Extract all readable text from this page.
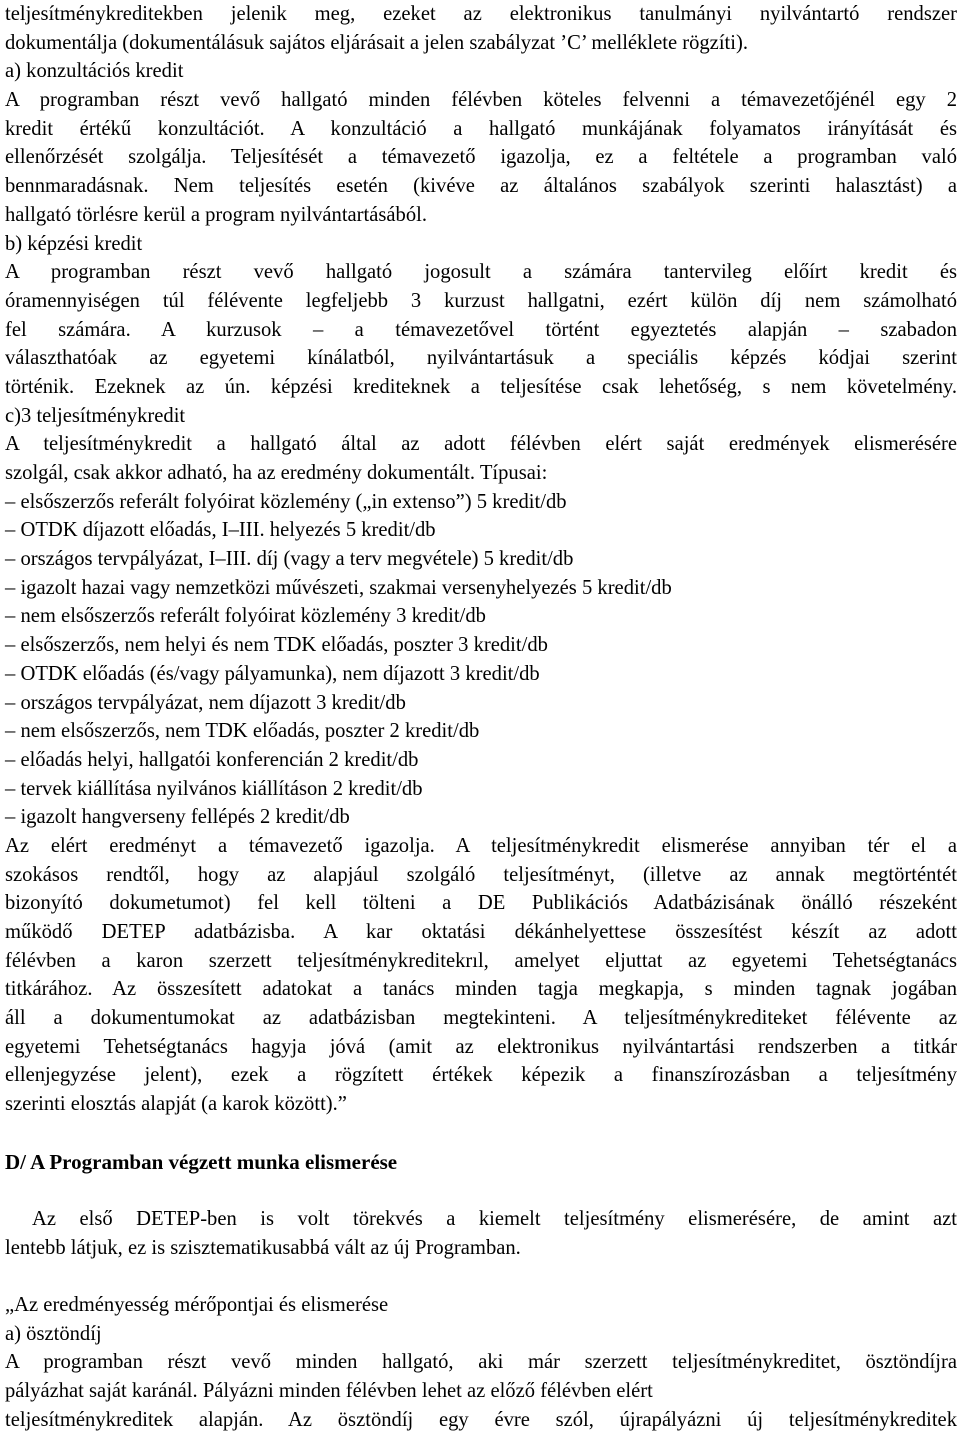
teljesítménykreditekben jelenik meg, ezeket az elektronikus tanulmányi nyilvántartó rendszer
dokumentálja (dokumentálásuk sajátos eljárásait a jelen szabályzat ’C’ melléklete rögzíti).
a) konzultációs kredit
A programban részt vevő hallgató minden félévben köteles felvenni a témavezetőjénél egy 2
kredit értékű konzultációt. A konzultáció a hallgató munkájának folyamatos irányítását és
ellenőrzését szolgálja. Teljesítését a témavezető igazolja, ez a feltétele a programban való
bennmaradásnak. Nem teljesítés esetén (kivéve az általános szabályok szerinti halasztást) a
hallgató törlésre kerül a program nyilvántartásából.
b) képzési kredit
A programban részt vevő hallgató jogosult a számára tantervileg előírt kredit és
óramennyiségen túl félévente legfeljebb 3 kurzust hallgatni, ezért külön díj nem számolható
fel számára. A kurzusok – a témavezetővel történt egyeztetés alapján – szabadon
választhatóak az egyetemi kínálatból, nyilvántartásuk a speciális képzés kódjai szerint
történik. Ezeknek az ún. képzési krediteknek a teljesítése csak lehetőség, s nem követelmény.
c)3 teljesítménykredit
A teljesítménykredit a hallgató által az adott félévben elért saját eredmények elismerésére
szolgál, csak akkor adható, ha az eredmény dokumentált. Típusai:
– elsőszerzős referált folyóirat közlemény („in extenso”) 5 kredit/db
– OTDK díjazott előadás, I–III. helyezés 5 kredit/db
– országos tervpályázat, I–III. díj (vagy a terv megvétele) 5 kredit/db
– igazolt hazai vagy nemzetközi művészeti, szakmai versenyhelyezés 5 kredit/db
– nem elsőszerzős referált folyóirat közlemény 3 kredit/db
– elsőszerzős, nem helyi és nem TDK előadás, poszter 3 kredit/db
– OTDK előadás (és/vagy pályamunka), nem díjazott 3 kredit/db
– országos tervpályázat, nem díjazott 3 kredit/db
– nem elsőszerzős, nem TDK előadás, poszter 2 kredit/db
– előadás helyi, hallgatói konferencián 2 kredit/db
– tervek kiállítása nyilvános kiállításon 2 kredit/db
– igazolt hangverseny fellépés 2 kredit/db
Az elért eredményt a témavezető igazolja. A teljesítménykredit elismerése annyiban tér el a
szokásos rendtől, hogy az alapjául szolgáló teljesítményt, (illetve az annak megtörténtét
bizonyító dokumetumot) fel kell tölteni a DE Publikációs Adatbázisának önálló részeként
működő DETEP adatbázisba. A kar oktatási dékánhelyettese összesítést készít az adott
félévben a karon szerzett teljesítménykreditekrıl, amelyet eljuttat az egyetemi Tehetségtanács
titkárához. Az összesített adatokat a tanács minden tagja megkapja, s minden tagnak jogában
áll a dokumentumokat az adatbázisban megtekinteni. A teljesítménykrediteket félévente az
egyetemi Tehetségtanács hagyja jóvá (amit az elektronikus nyilvántartási rendszerben a titkár
ellenjegyzése jelent), ezek a rögzített értékek képezik a finanszírozásban a teljesítmény
szerinti elosztás alapját (a karok között).”
D/ A Programban végzett munka elismerése
Az első DETEP-ben is volt törekvés a kiemelt teljesítmény elismerésére, de amint azt
lentebb látjuk, ez is szisztematikusabbá vált az új Programban.
„Az eredményesség mérőpontjai és elismerése
a) ösztöndíj
A programban részt vevő minden hallgató, aki már szerzett teljesítménykreditet, ösztöndíjra
pályázhat saját karánál. Pályázni minden félévben lehet az előző félévben elért
teljesítménykreditek alapján. Az ösztöndíj egy évre szól, újrapályázni új teljesítménykreditek
